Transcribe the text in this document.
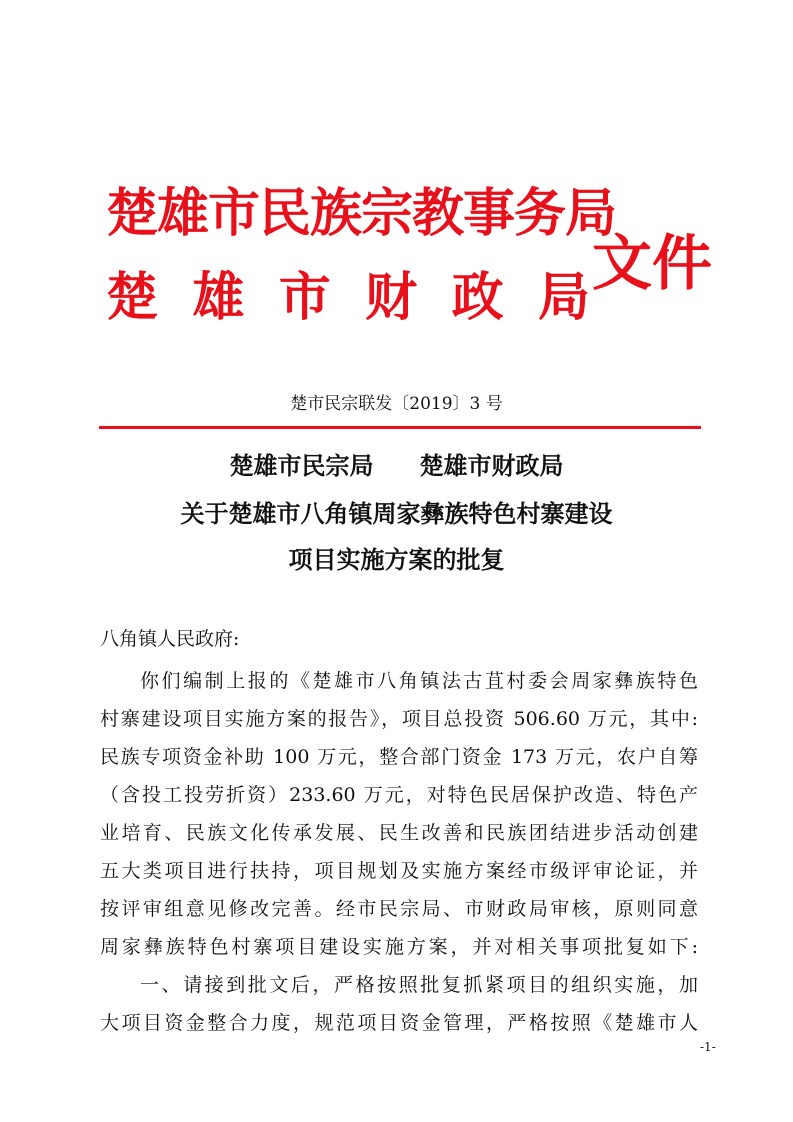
楚雄市民族宗教事务局
楚 雄 市 财 政 局 文件
楚市民宗联发〔2019〕3 号
楚雄市民宗局 楚雄市财政局
关于楚雄市八角镇周家彝族特色村寨建设
项目实施方案的批复
八角镇人民政府:
你们编制上报的《楚雄市八角镇法古苴村委会周家彝族特色
村寨建设项目实施方案的报告》，项目总投资 506.60 万元，其中:
民族专项资金补助 100 万元，整合部门资金 173 万元，农户自筹
（含投工投劳折资）233.60 万元，对特色民居保护改造、特色产
业培育、民族文化传承发展、民生改善和民族团结进步活动创建
五大类项目进行扶持，项目规划及实施方案经市级评审论证，并
按评审组意见修改完善。经市民宗局、市财政局审核，原则同意
周家彝族特色村寨项目建设实施方案，并对相关事项批复如下:
一、请接到批文后，严格按照批复抓紧项目的组织实施，加
大项目资金整合力度，规范项目资金管理，严格按照《楚雄市人
-1-
